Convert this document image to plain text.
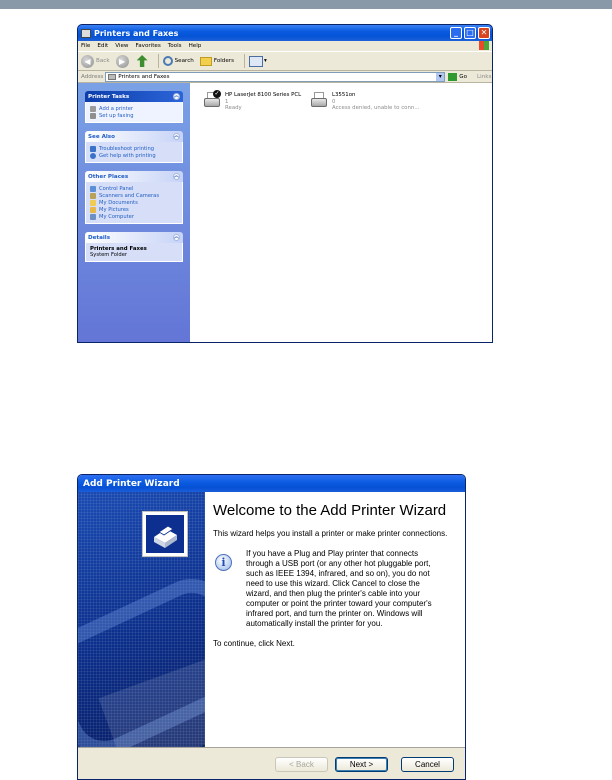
Printers and Faxes	_	□ ✕
File Edit View Favorites Tools Help
◀ Back	▶	Search	Folders	▾
Address	Printers and Faxes	▾	Go Links
Printer Tasks	︽
Add a printer
Set up faxing
See Also	︽
Troubleshoot printing
Get help with printing
Other Places	︽
Control Panel
Scanners and Cameras
My Documents
My Pictures
My Computer
Details	︽
Printers and Faxes
System Folder
✓ HP LaserJet 8100 Series PCL
1
Ready
L3551on
0
Access denied, unable to conn...
Add Printer Wizard
Welcome to the Add Printer Wizard
This wizard helps you install a printer or make printer connections.
i
If you have a Plug and Play printer that connects through a USB port (or any other hot pluggable port, such as IEEE 1394, infrared, and so on), you do not need to use this wizard. Click Cancel to close the wizard, and then plug the printer's cable into your computer or point the printer toward your computer's infrared port, and turn the printer on. Windows will automatically install the printer for you.
To continue, click Next.
< Back	Next >	Cancel
